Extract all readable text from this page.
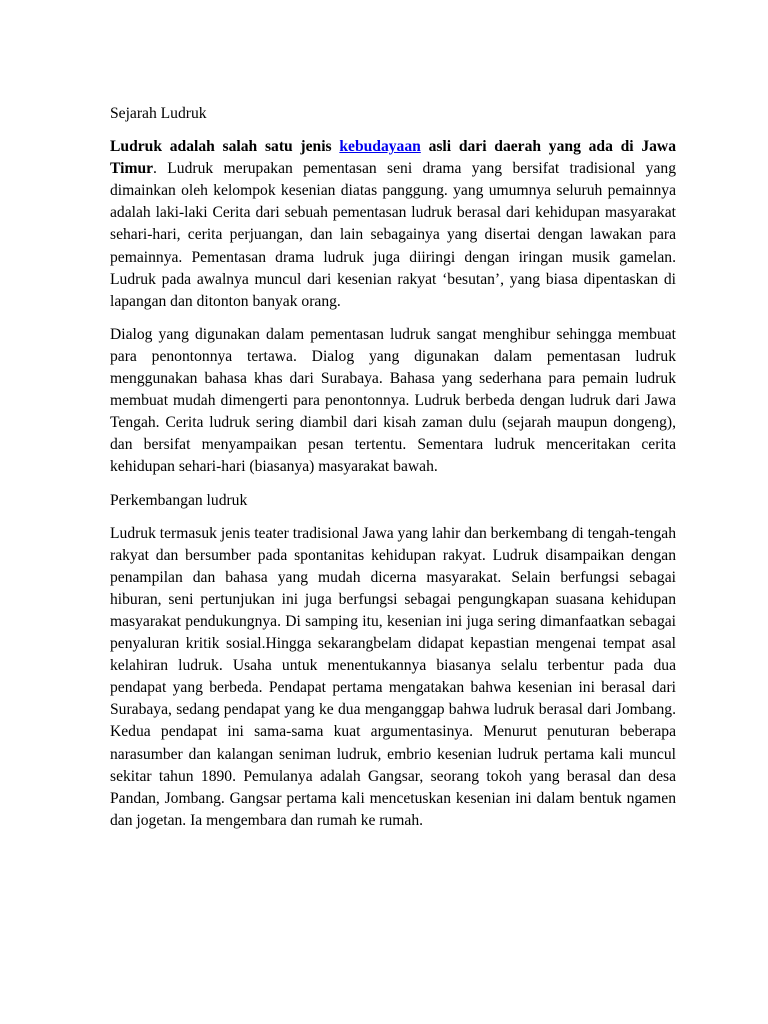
Sejarah Ludruk

Ludruk adalah salah satu jenis kebudayaan asli dari daerah yang ada di Jawa Timur. Ludruk merupakan pementasan seni drama yang bersifat tradisional yang dimainkan oleh kelompok kesenian diatas panggung. yang umumnya seluruh pemainnya adalah laki-laki Cerita dari sebuah pementasan ludruk berasal dari kehidupan masyarakat sehari-hari, cerita perjuangan, dan lain sebagainya yang disertai dengan lawakan para pemainnya. Pementasan drama ludruk juga diiringi dengan iringan musik gamelan. Ludruk pada awalnya muncul dari kesenian rakyat ‘besutan’, yang biasa dipentaskan di lapangan dan ditonton banyak orang.

Dialog yang digunakan dalam pementasan ludruk sangat menghibur sehingga membuat para penontonnya tertawa. Dialog yang digunakan dalam pementasan ludruk menggunakan bahasa khas dari Surabaya. Bahasa yang sederhana para pemain ludruk membuat mudah dimengerti para penontonnya. Ludruk berbeda dengan ludruk dari Jawa Tengah. Cerita ludruk sering diambil dari kisah zaman dulu (sejarah maupun dongeng), dan bersifat menyampaikan pesan tertentu. Sementara ludruk menceritakan cerita kehidupan sehari-hari (biasanya) masyarakat bawah.

Perkembangan ludruk

Ludruk termasuk jenis teater tradisional Jawa yang lahir dan berkembang di tengah-tengah rakyat dan bersumber pada spontanitas kehidupan rakyat. Ludruk disampaikan dengan penampilan dan bahasa yang mudah dicerna masyarakat. Selain berfungsi sebagai hiburan, seni pertunjukan ini juga berfungsi sebagai pengungkapan suasana kehidupan masyarakat pendukungnya. Di samping itu, kesenian ini juga sering dimanfaatkan sebagai penyaluran kritik sosial.Hingga sekarangbelam didapat kepastian mengenai tempat asal kelahiran ludruk. Usaha untuk menentukannya biasanya selalu terbentur pada dua pendapat yang berbeda. Pendapat pertama mengatakan bahwa kesenian ini berasal dari Surabaya, sedang pendapat yang ke dua menganggap bahwa ludruk berasal dari Jombang. Kedua pendapat ini sama-sama kuat argumentasinya. Menurut penuturan beberapa narasumber dan kalangan seniman ludruk, embrio kesenian ludruk pertama kali muncul sekitar tahun 1890. Pemulanya adalah Gangsar, seorang tokoh yang berasal dan desa Pandan, Jombang. Gangsar pertama kali mencetuskan kesenian ini dalam bentuk ngamen dan jogetan. Ia mengembara dan rumah ke rumah.
